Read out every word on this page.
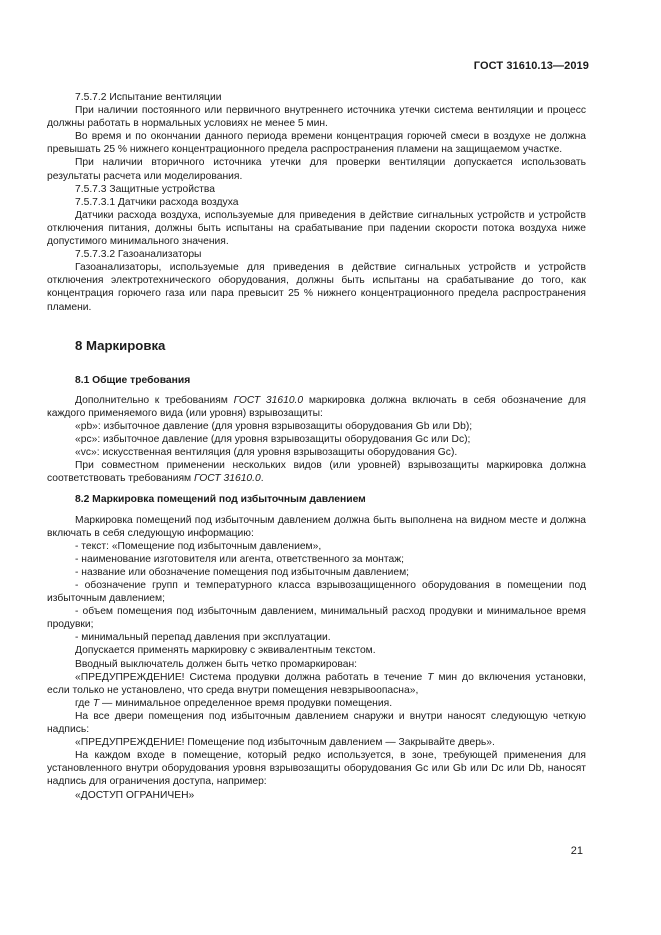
ГОСТ 31610.13—2019

7.5.7.2 Испытание вентиляции

При наличии постоянного или первичного внутреннего источника утечки система вентиляции и процесс должны работать в нормальных условиях не менее 5 мин.

Во время и по окончании данного периода времени концентрация горючей смеси в воздухе не должна превышать 25 % нижнего концентрационного предела распространения пламени на защищаемом участке.

При наличии вторичного источника утечки для проверки вентиляции допускается использовать результаты расчета или моделирования.

7.5.7.3 Защитные устройства

7.5.7.3.1 Датчики расхода воздуха

Датчики расхода воздуха, используемые для приведения в действие сигнальных устройств и устройств отключения питания, должны быть испытаны на срабатывание при падении скорости потока воздуха ниже допустимого минимального значения.

7.5.7.3.2 Газоанализаторы

Газоанализаторы, используемые для приведения в действие сигнальных устройств и устройств отключения электротехнического оборудования, должны быть испытаны на срабатывание до того, как концентрация горючего газа или пара превысит 25 % нижнего концентрационного предела распространения пламени.

8 Маркировка
8.1 Общие требования

Дополнительно к требованиям ГОСТ 31610.0 маркировка должна включать в себя обозначение для каждого применяемого вида (или уровня) взрывозащиты:

«pb»: избыточное давление (для уровня взрывозащиты оборудования Gb или Db);

«pc»: избыточное давление (для уровня взрывозащиты оборудования Gc или Dc);

«vc»: искусственная вентиляция (для уровня взрывозащиты оборудования Gc).

При совместном применении нескольких видов (или уровней) взрывозащиты маркировка должна соответствовать требованиям ГОСТ 31610.0.

8.2 Маркировка помещений под избыточным давлением

Маркировка помещений под избыточным давлением должна быть выполнена на видном месте и должна включать в себя следующую информацию:

- текст: «Помещение под избыточным давлением»,

- наименование изготовителя или агента, ответственного за монтаж;

- название или обозначение помещения под избыточным давлением;

- обозначение групп и температурного класса взрывозащищенного оборудования в помещении под избыточным давлением;

- объем помещения под избыточным давлением, минимальный расход продувки и минимальное время продувки;

- минимальный перепад давления при эксплуатации.

Допускается применять маркировку с эквивалентным текстом.

Вводный выключатель должен быть четко промаркирован:

«ПРЕДУПРЕЖДЕНИЕ! Система продувки должна работать в течение T мин до включения установки, если только не установлено, что среда внутри помещения невзрывоопасна»,

где T — минимальное определенное время продувки помещения.

На все двери помещения под избыточным давлением снаружи и внутри наносят следующую четкую надпись:

«ПРЕДУПРЕЖДЕНИЕ! Помещение под избыточным давлением — Закрывайте дверь».

На каждом входе в помещение, который редко используется, в зоне, требующей применения для установленного внутри оборудования уровня взрывозащиты оборудования Gc или Gb или Dc или Db, наносят надпись для ограничения доступа, например:

«ДОСТУП ОГРАНИЧЕН»

21
